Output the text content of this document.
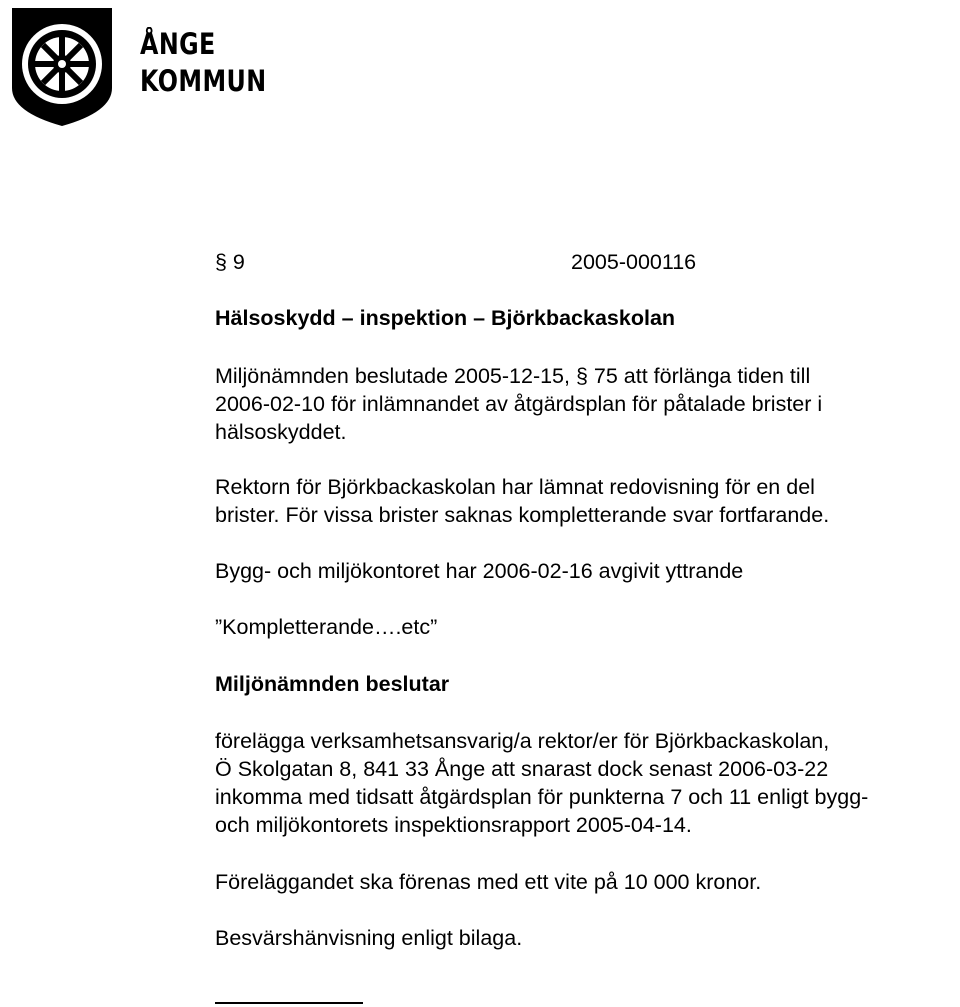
ÅNGE
KOMMUN
§ 9	2005-000116
Hälsoskydd – inspektion – Björkbackaskolan
Miljönämnden beslutade 2005-12-15, § 75 att förlänga tiden till
2006-02-10 för inlämnandet av åtgärdsplan för påtalade brister i
hälsoskyddet.
Rektorn för Björkbackaskolan har lämnat redovisning för en del
brister. För vissa brister saknas kompletterande svar fortfarande.
Bygg- och miljökontoret har 2006-02-16 avgivit yttrande
”Kompletterande….etc”
Miljönämnden beslutar
förelägga verksamhetsansvarig/a rektor/er för Björkbackaskolan,
Ö Skolgatan 8, 841 33 Ånge att snarast dock senast 2006-03-22
inkomma med tidsatt åtgärdsplan för punkterna 7 och 11 enligt bygg-
och miljökontorets inspektionsrapport 2005-04-14.
Föreläggandet ska förenas med ett vite på 10 000 kronor.
Besvärshänvisning enligt bilaga.
